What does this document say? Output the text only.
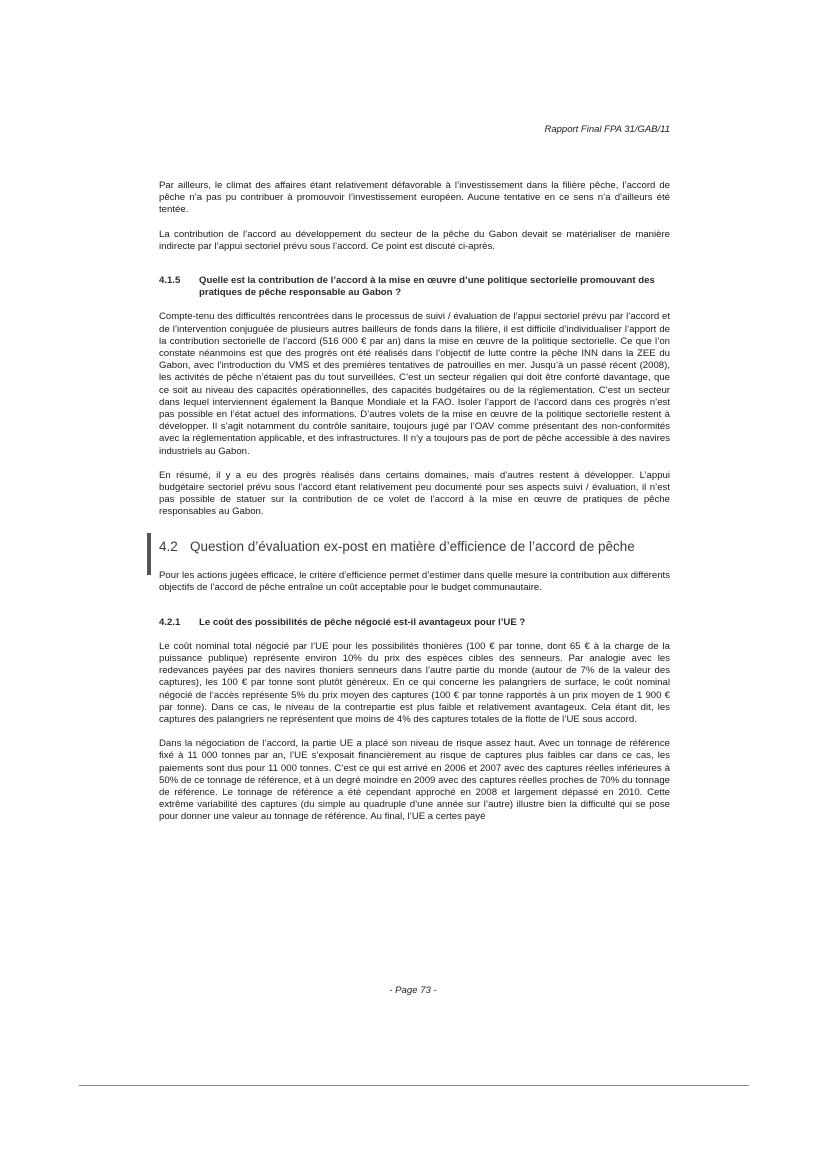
Rapport Final FPA 31/GAB/11

Par ailleurs, le climat des affaires étant relativement défavorable à l’investissement dans la filière pêche, l’accord de pêche n’a pas pu contribuer à promouvoir l’investissement européen. Aucune tentative en ce sens n’a d’ailleurs été tentée.

La contribution de l’accord au développement du secteur de la pêche du Gabon devait se matérialiser de manière indirecte par l’appui sectoriel prévu sous l’accord. Ce point est discuté ci-après.

4.1.5	Quelle est la contribution de l’accord à la mise en œuvre d’une politique sectorielle promouvant des pratiques de pêche responsable au Gabon ?

Compte-tenu des difficultés rencontrées dans le processus de suivi / évaluation de l’appui sectoriel prévu par l’accord et de l’intervention conjuguée de plusieurs autres bailleurs de fonds dans la filière, il est difficile d’individualiser l’apport de la contribution sectorielle de l’accord (516 000 € par an) dans la mise en œuvre de la politique sectorielle. Ce que l’on constate néanmoins est que des progrès ont été réalisés dans l’objectif de lutte contre la pêche INN dans la ZEE du Gabon, avec l’introduction du VMS et des premières tentatives de patrouilles en mer. Jusqu’à un passé récent (2008), les activités de pêche n’étaient pas du tout surveillées. C’est un secteur régalien qui doit être conforté davantage, que ce soit au niveau des capacités opérationnelles, des capacités budgétaires ou de la réglementation. C’est un secteur dans lequel interviennent également la Banque Mondiale et la FAO. Isoler l’apport de l’accord dans ces progrès n’est pas possible en l’état actuel des informations. D’autres volets de la mise en œuvre de la politique sectorielle restent à développer. Il s’agit notamment du contrôle sanitaire, toujours jugé par l’OAV comme présentant des non-conformités avec la réglementation applicable, et des infrastructures. Il n’y a toujours pas de port de pêche accessible à des navires industriels au Gabon.

En résumé, il y a eu des progrès réalisés dans certains domaines, mais d’autres restent à développer. L’appui budgétaire sectoriel prévu sous l’accord étant relativement peu documenté pour ses aspects suivi / évaluation, il n’est pas possible de statuer sur la contribution de ce volet de l’accord à la mise en œuvre de pratiques de pêche responsables au Gabon.

4.2 Question d’évaluation ex-post en matière d’efficience de l’accord de pêche

Pour les actions jugées efficace, le critère d’efficience permet d’estimer dans quelle mesure la contribution aux différents objectifs de l’accord de pêche entraîne un coût acceptable pour le budget communautaire.

4.2.1	Le coût des possibilités de pêche négocié est-il avantageux pour l’UE ?

Le coût nominal total négocié par l’UE pour les possibilités thonières (100 € par tonne, dont 65 € à la charge de la puissance publique) représente environ 10% du prix des espèces cibles des senneurs. Par analogie avec les redevances payées par des navires thoniers senneurs dans l’autre partie du monde (autour de 7% de la valeur des captures), les 100 € par tonne sont plutôt généreux. En ce qui concerne les palangriers de surface, le coût nominal négocié de l’accès représente 5% du prix moyen des captures (100 € par tonne rapportés à un prix moyen de 1 900 € par tonne). Dans ce cas, le niveau de la contrepartie est plus faible et relativement avantageux. Cela étant dit, les captures des palangriers ne représentent que moins de 4% des captures totales de la flotte de l’UE sous accord.

Dans la négociation de l’accord, la partie UE a placé son niveau de risque assez haut. Avec un tonnage de référence fixé à 11 000 tonnes par an, l’UE s’exposait financièrement au risque de captures plus faibles car dans ce cas, les paiements sont dus pour 11 000 tonnes. C’est ce qui est arrivé en 2006 et 2007 avec des captures réelles inférieures à 50% de ce tonnage de référence, et à un degré moindre en 2009 avec des captures réelles proches de 70% du tonnage de référence. Le tonnage de référence a été cependant approché en 2008 et largement dépassé en 2010. Cette extrême variabilité des captures (du simple au quadruple d’une année sur l’autre) illustre bien la difficulté qui se pose pour donner une valeur au tonnage de référence. Au final, l’UE a certes payé

- Page 73 -
